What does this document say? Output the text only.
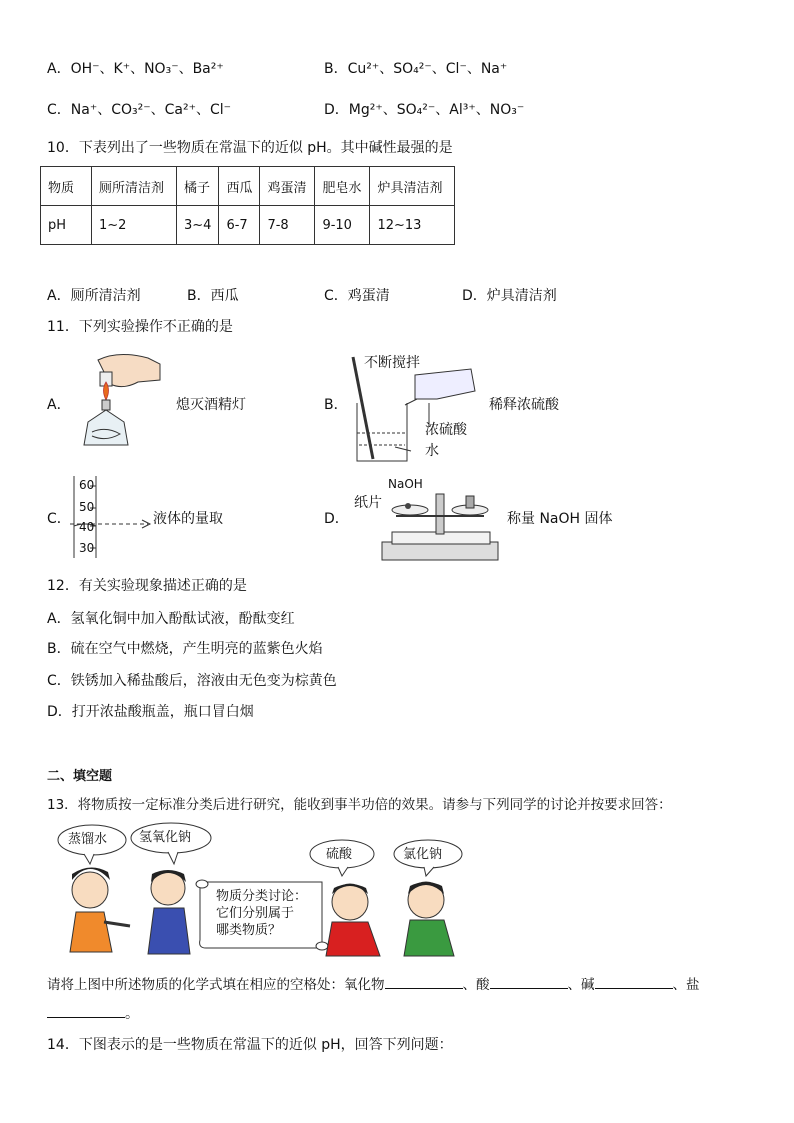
A．OH⁻、K⁺、NO₃⁻、Ba²⁺	B．Cu²⁺、SO₄²⁻、Cl⁻、Na⁺
C．Na⁺、CO₃²⁻、Ca²⁺、Cl⁻	D．Mg²⁺、SO₄²⁻、Al³⁺、NO₃⁻
10．下表列出了一些物质在常温下的近似 pH。其中碱性最强的是
物质	厕所清洁剂	橘子	西瓜	鸡蛋清	肥皂水	炉具清洁剂
pH	1~2	3~4	6-7	7-8	9-10	12~13
A．厕所清洁剂	B．西瓜	C．鸡蛋清	D．炉具清洁剂
11．下列实验操作不正确的是
A．	熄灭酒精灯	B．
不断搅拌
稀释浓硫酸
浓硫酸
水
C．
60
50
40
30
液体的量取	D．
NaOH
纸片
称量 NaOH 固体
12．有关实验现象描述正确的是
A．氢氧化铜中加入酚酞试液，酚酞变红
B．硫在空气中燃烧，产生明亮的蓝紫色火焰
C．铁锈加入稀盐酸后，溶液由无色变为棕黄色
D．打开浓盐酸瓶盖，瓶口冒白烟
二、填空题
13．将物质按一定标准分类后进行研究，能收到事半功倍的效果。请参与下列同学的讨论并按要求回答：
蒸馏水 氢氧化钠
硫酸	氯化钠
物质分类讨论：
它们分别属于
哪类物质？
请将上图中所述物质的化学式填在相应的空格处：氧化物	、酸	、碱	、盐
。
14．下图表示的是一些物质在常温下的近似 pH，回答下列问题：
